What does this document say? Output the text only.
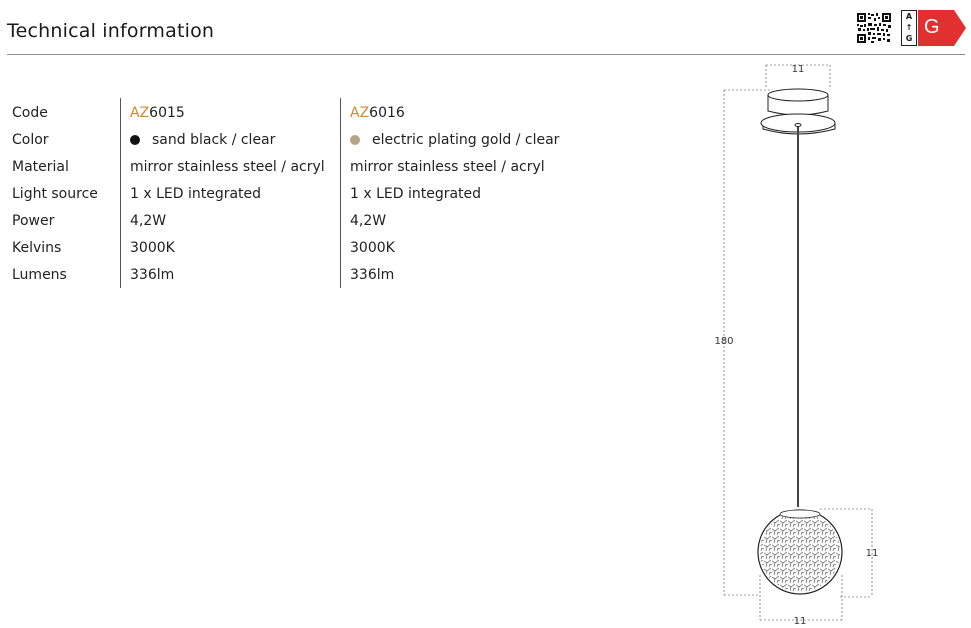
Technical information
A
↑
G
G
Code
Color
Material
Light source
Power
Kelvins
Lumens
AZ6015
sand black / clear
mirror stainless steel / acryl
1 x LED integrated
4,2W
3000K
336lm
AZ6016
electric plating gold / clear
mirror stainless steel / acryl
1 x LED integrated
4,2W
3000K
336lm
11
180
11
11
